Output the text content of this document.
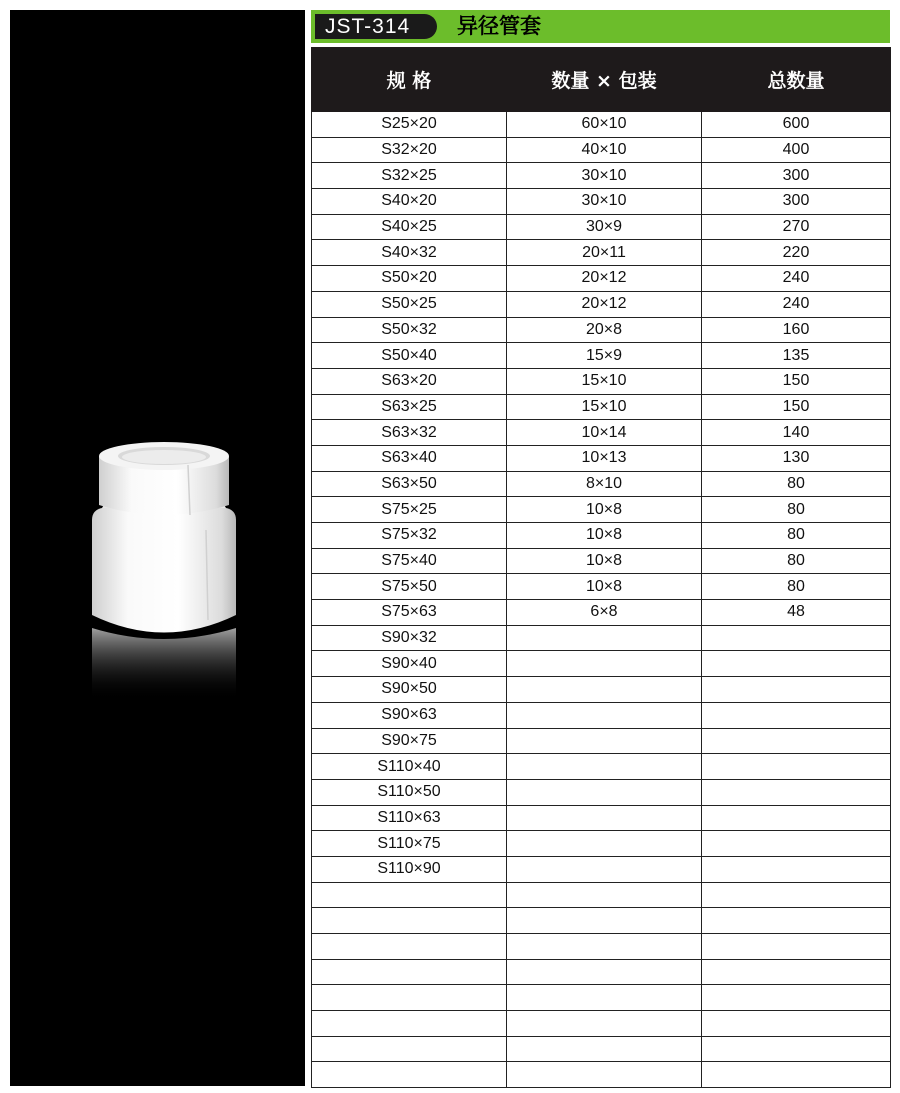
JST-314	异径管套
规 格	数量 × 包装	总数量
S25×20	60×10	600
S32×20	40×10	400
S32×25	30×10	300
S40×20	30×10	300
S40×25	30×9	270
S40×32	20×11	220
S50×20	20×12	240
S50×25	20×12	240
S50×32	20×8	160
S50×40	15×9	135
S63×20	15×10	150
S63×25	15×10	150
S63×32	10×14	140
S63×40	10×13	130
S63×50	8×10	80
S75×25	10×8	80
S75×32	10×8	80
S75×40	10×8	80
S75×50	10×8	80
S75×63	6×8	48
S90×32		
S90×40		
S90×50		
S90×63		
S90×75		
S110×40		
S110×50		
S110×63		
S110×75		
S110×90		
